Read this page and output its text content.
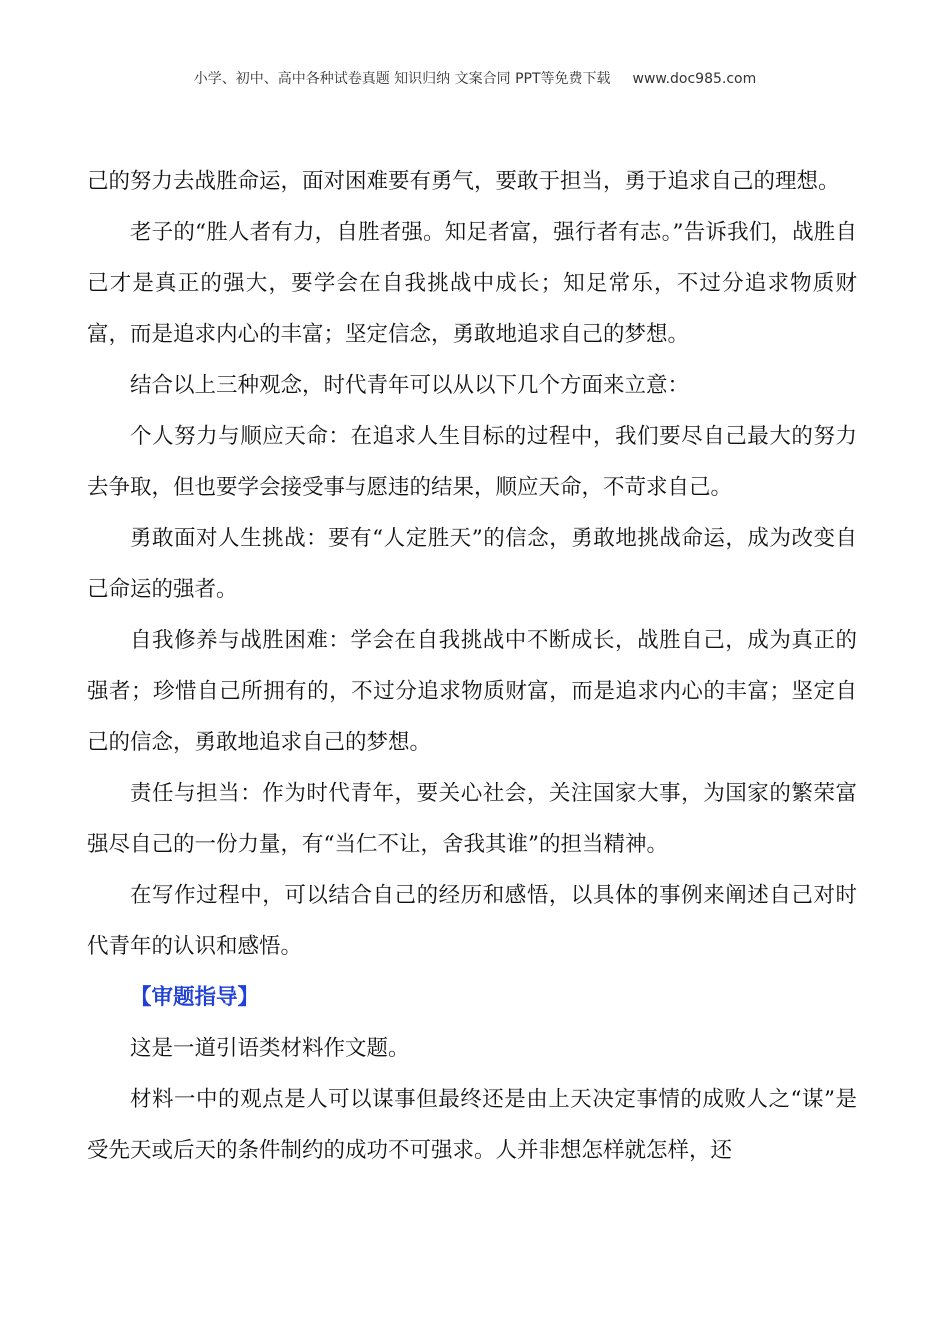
小学、初中、高中各种试卷真题 知识归纳 文案合同 PPT等免费下载 www.doc985.com

己的努力去战胜命运，面对困难要有勇气，要敢于担当，勇于追求自己的理想。

老子的“胜人者有力，自胜者强。知足者富，强行者有志。”告诉我们，战胜自己才是真正的强大，要学会在自我挑战中成长；知足常乐，不过分追求物质财富，而是追求内心的丰富；坚定信念，勇敢地追求自己的梦想。

结合以上三种观念，时代青年可以从以下几个方面来立意：

个人努力与顺应天命：在追求人生目标的过程中，我们要尽自己最大的努力去争取，但也要学会接受事与愿违的结果，顺应天命，不苛求自己。

勇敢面对人生挑战：要有“人定胜天”的信念，勇敢地挑战命运，成为改变自己命运的强者。

自我修养与战胜困难：学会在自我挑战中不断成长，战胜自己，成为真正的强者；珍惜自己所拥有的，不过分追求物质财富，而是追求内心的丰富；坚定自己的信念，勇敢地追求自己的梦想。

责任与担当：作为时代青年，要关心社会，关注国家大事，为国家的繁荣富强尽自己的一份力量，有“当仁不让，舍我其谁”的担当精神。

在写作过程中，可以结合自己的经历和感悟，以具体的事例来阐述自己对时代青年的认识和感悟。

【审题指导】

这是一道引语类材料作文题。

材料一中的观点是人可以谋事但最终还是由上天决定事情的成败人之“谋”是受先天或后天的条件制约的成功不可强求。人并非想怎样就怎样，还
